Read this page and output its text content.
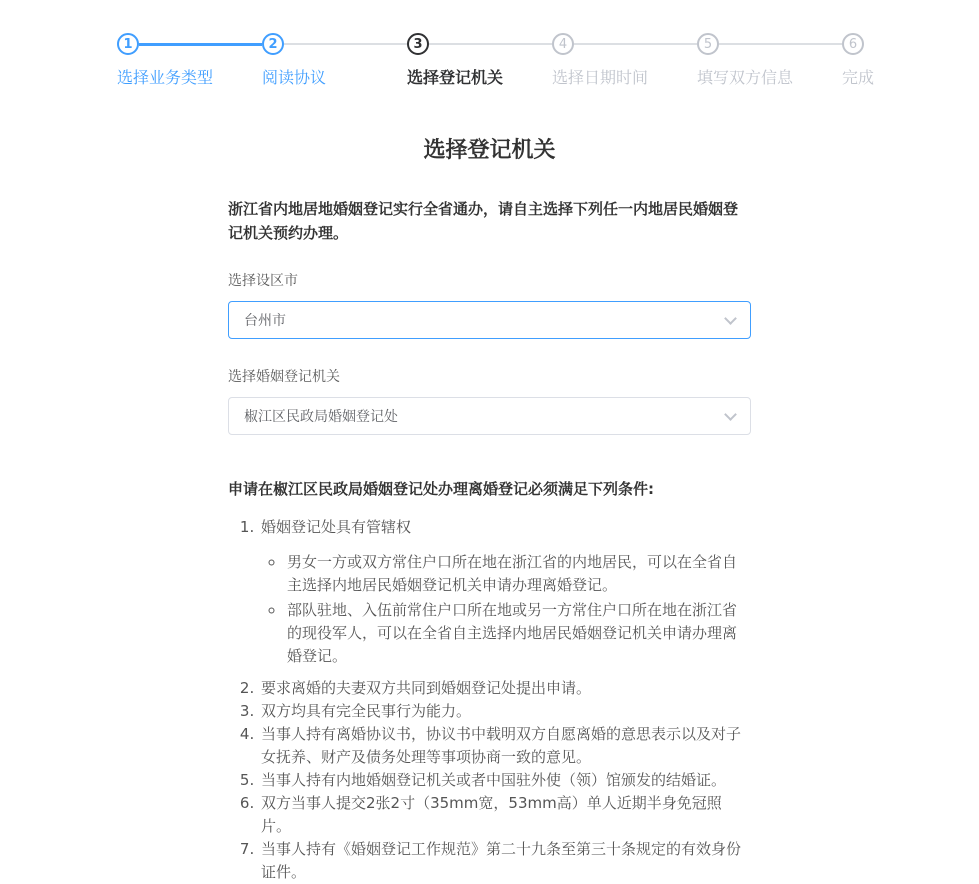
1
选择业务类型
2
阅读协议
3
选择登记机关
4
选择日期时间
5
填写双方信息
6
完成
选择登记机关

浙江省内地居地婚姻登记实行全省通办，请自主选择下列任一内地居民婚姻登记机关预约办理。

选择设区市
台州市
选择婚姻登记机关
椒江区民政局婚姻登记处
申请在椒江区民政局婚姻登记处办理离婚登记必须满足下列条件:
1. 婚姻登记处具有管辖权
◦ 男女一方或双方常住户口所在地在浙江省的内地居民，可以在全省自主选择内地居民婚姻登记机关申请办理离婚登记。
◦ 部队驻地、入伍前常住户口所在地或另一方常住户口所在地在浙江省的现役军人，可以在全省自主选择内地居民婚姻登记机关申请办理离婚登记。
2. 要求离婚的夫妻双方共同到婚姻登记处提出申请。
3. 双方均具有完全民事行为能力。
4. 当事人持有离婚协议书，协议书中载明双方自愿离婚的意思表示以及对子女抚养、财产及债务处理等事项协商一致的意见。
5. 当事人持有内地婚姻登记机关或者中国驻外使（领）馆颁发的结婚证。
6. 双方当事人提交2张2寸（35mm宽，53mm高）单人近期半身免冠照片。
7. 当事人持有《婚姻登记工作规范》第二十九条至第三十条规定的有效身份证件。
